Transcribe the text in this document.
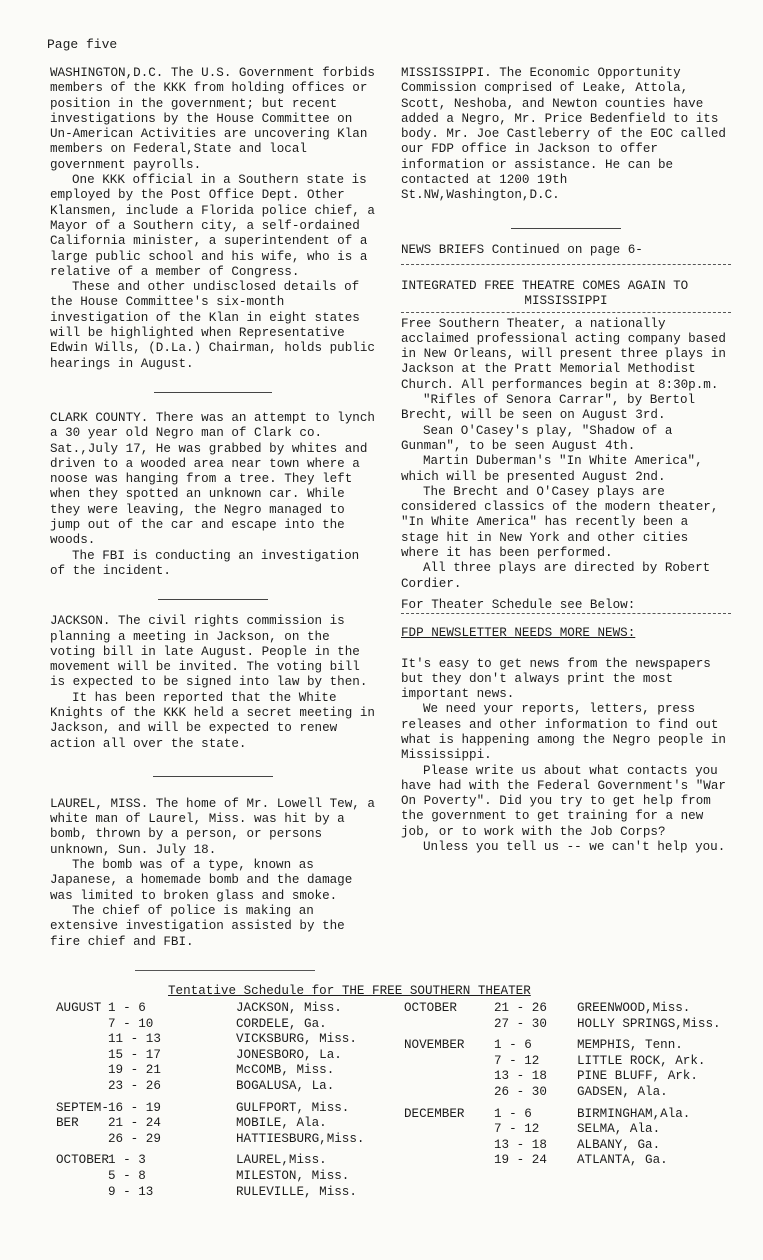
Page five

WASHINGTON,D.C. The U.S. Government forbids members of the KKK from holding offices or position in the government; but recent investigations by the House Committee on Un-American Activities are uncovering Klan members on Federal,State and local government payrolls.

One KKK official in a Southern state is employed by the Post Office Dept. Other Klansmen, include a Florida police chief, a Mayor of a Southern city, a self-ordained California minister, a superintendent of a large public school and his wife, who is a relative of a member of Congress.

These and other undisclosed details of the House Committee's six-month investigation of the Klan in eight states will be highlighted when Representative Edwin Wills, (D.La.) Chairman, holds public hearings in August.

CLARK COUNTY. There was an attempt to lynch a 30 year old Negro man of Clark co. Sat.,July 17, He was grabbed by whites and driven to a wooded area near town where a noose was hanging from a tree. They left when they spotted an unknown car. While they were leaving, the Negro managed to jump out of the car and escape into the woods.

The FBI is conducting an investigation of the incident.

JACKSON. The civil rights commission is planning a meeting in Jackson, on the voting bill in late August. People in the movement will be invited. The voting bill is expected to be signed into law by then.

It has been reported that the White Knights of the KKK held a secret meeting in Jackson, and will be expected to renew action all over the state.

LAUREL, MISS. The home of Mr. Lowell Tew, a white man of Laurel, Miss. was hit by a bomb, thrown by a person, or persons unknown, Sun. July 18.

The bomb was of a type, known as Japanese, a homemade bomb and the damage was limited to broken glass and smoke.

The chief of police is making an extensive investigation assisted by the fire chief and FBI.

MISSISSIPPI. The Economic Opportunity Commission comprised of Leake, Attola, Scott, Neshoba, and Newton counties have added a Negro, Mr. Price Bedenfield to its body. Mr. Joe Castleberry of the EOC called our FDP office in Jackson to offer information or assistance. He can be contacted at 1200 19th St.NW,Washington,D.C.

NEWS BRIEFS Continued on page 6-

INTEGRATED FREE THEATRE COMES AGAIN TO

MISSISSIPPI

Free Southern Theater, a nationally acclaimed professional acting company based in New Orleans, will present three plays in Jackson at the Pratt Memorial Methodist Church. All performances begin at 8:30p.m.

"Rifles of Senora Carrar", by Bertol Brecht, will be seen on August 3rd.

Sean O'Casey's play, "Shadow of a Gunman", to be seen August 4th.

Martin Duberman's "In White America", which will be presented August 2nd.

The Brecht and O'Casey plays are considered classics of the modern theater, "In White America" has recently been a stage hit in New York and other cities where it has been performed.

All three plays are directed by Robert Cordier.

For Theater Schedule see Below:

FDP NEWSLETTER NEEDS MORE NEWS:

It's easy to get news from the newspapers but they don't always print the most important news.

We need your reports, letters, press releases and other information to find out what is happening among the Negro people in Mississippi.

Please write us about what contacts you have had with the Federal Government's "War On Poverty". Did you try to get help from the government to get training for a new job, or to work with the Job Corps?

Unless you tell us -- we can't help you.

Tentative Schedule for THE FREE SOUTHERN THEATER
AUGUST 1 - 6	JACKSON, Miss.
7 - 10	CORDELE, Ga.
11 - 13	VICKSBURG, Miss.
15 - 17	JONESBORO, La.
19 - 21	McCOMB, Miss.
23 - 26	BOGALUSA, La.
SEPTEM- 16 - 19	GULFPORT, Miss.
BER 21 - 24	MOBILE, Ala.
26 - 29	HATTIESBURG,Miss.
OCTOBER 1 - 3	LAUREL,Miss.
5 - 8	MILESTON, Miss.
9 - 13	RULEVILLE, Miss.
OCTOBER	21 - 26 GREENWOOD,Miss.
27 - 30 HOLLY SPRINGS,Miss.
NOVEMBER 1 - 6	MEMPHIS, Tenn.
7 - 12	LITTLE ROCK, Ark.
13 - 18 PINE BLUFF, Ark.
26 - 30 GADSEN, Ala.
DECEMBER 1 - 6	BIRMINGHAM,Ala.
7 - 12	SELMA, Ala.
13 - 18 ALBANY, Ga.
19 - 24 ATLANTA, Ga.
